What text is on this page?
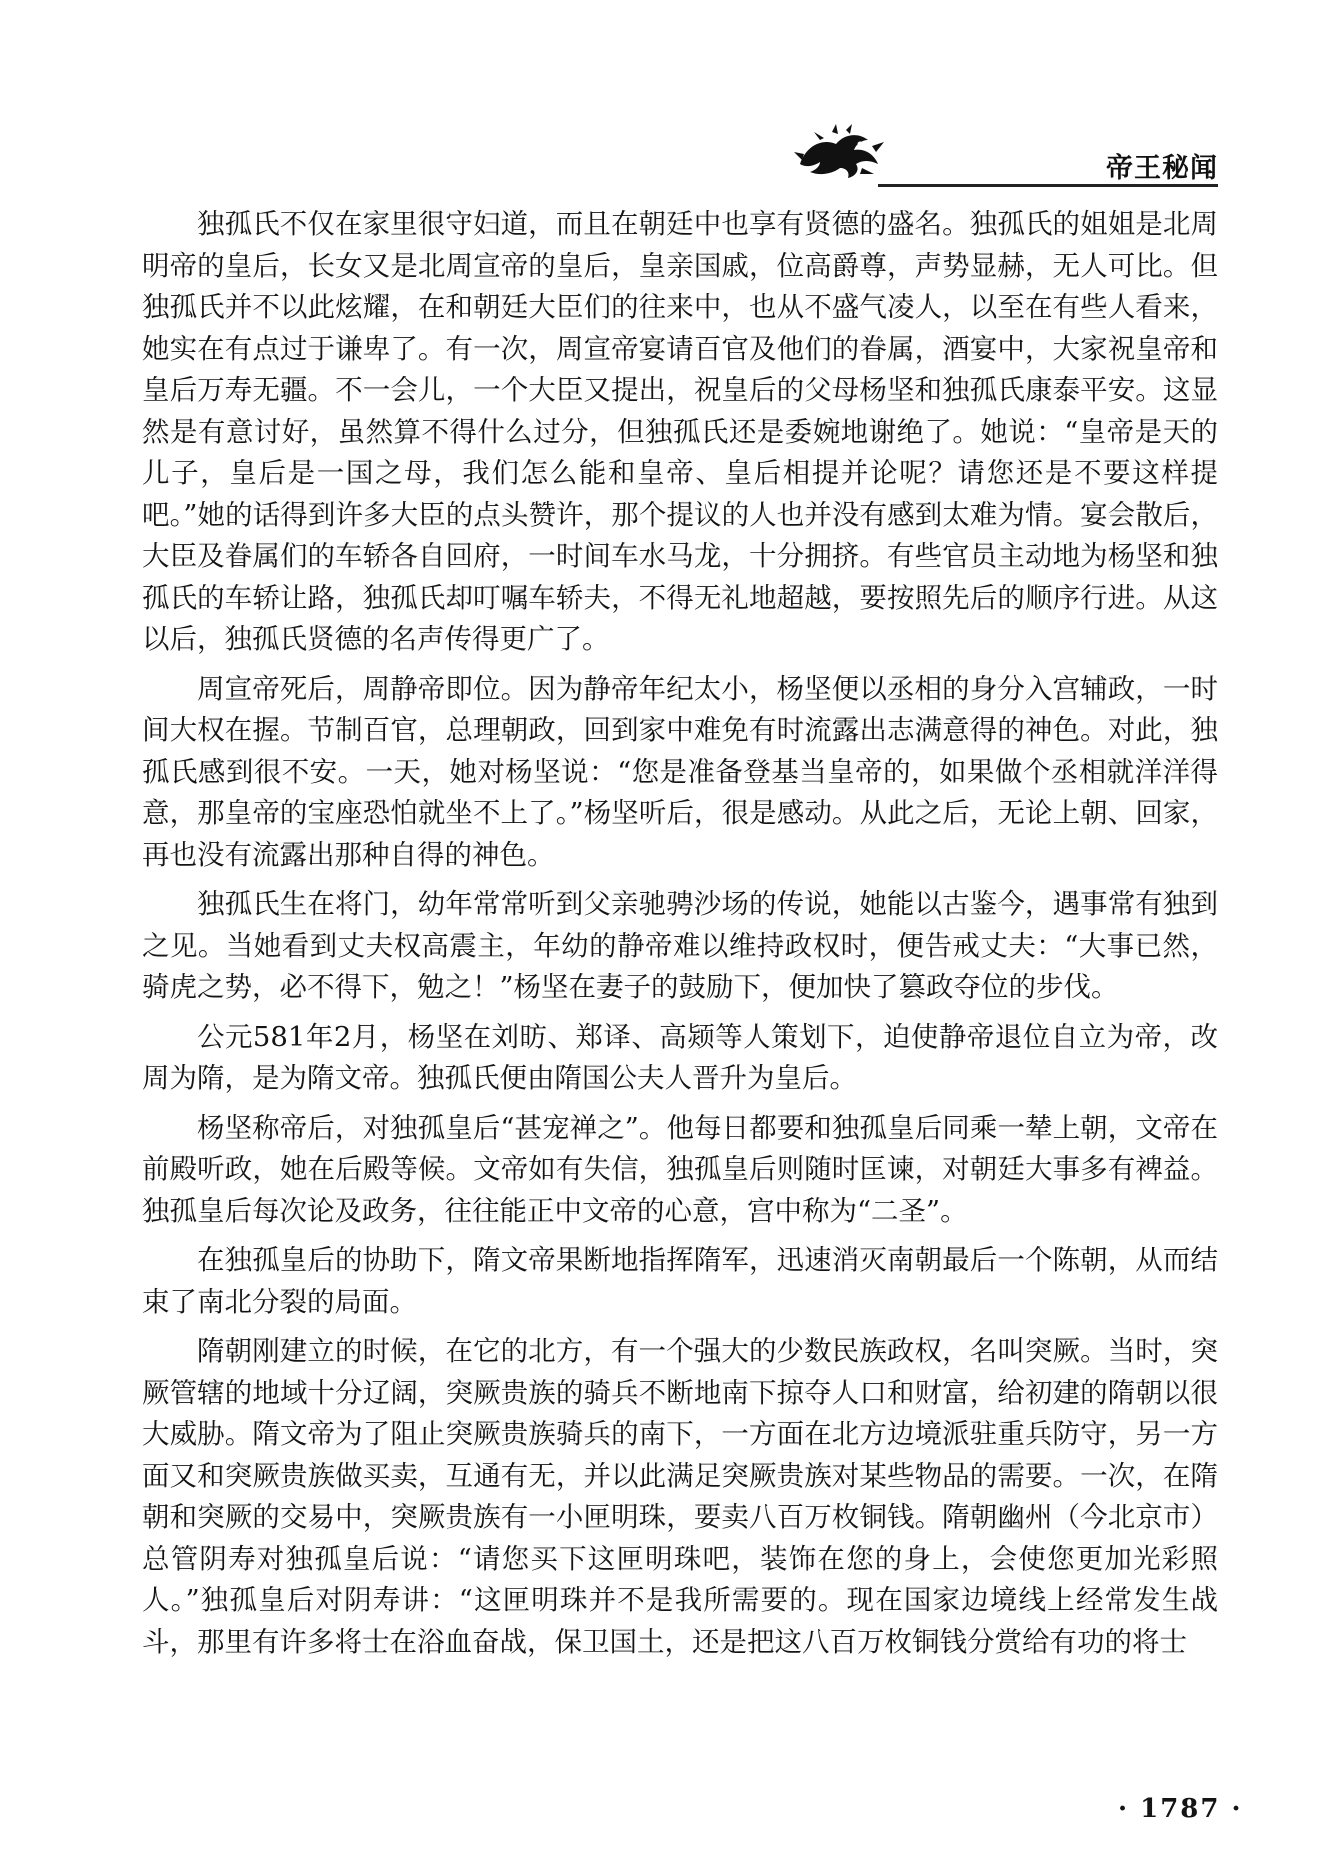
帝王秘闻

独孤氏不仅在家里很守妇道，而且在朝廷中也享有贤德的盛名。独孤氏的姐姐是北周明帝的皇后，长女又是北周宣帝的皇后，皇亲国戚，位高爵尊，声势显赫，无人可比。但独孤氏并不以此炫耀，在和朝廷大臣们的往来中，也从不盛气凌人，以至在有些人看来，她实在有点过于谦卑了。有一次，周宣帝宴请百官及他们的眷属，酒宴中，大家祝皇帝和皇后万寿无疆。不一会儿，一个大臣又提出，祝皇后的父母杨坚和独孤氏康泰平安。这显然是有意讨好，虽然算不得什么过分，但独孤氏还是委婉地谢绝了。她说：“皇帝是天的儿子，皇后是一国之母，我们怎么能和皇帝、皇后相提并论呢？请您还是不要这样提吧。”她的话得到许多大臣的点头赞许，那个提议的人也并没有感到太难为情。宴会散后，大臣及眷属们的车轿各自回府，一时间车水马龙，十分拥挤。有些官员主动地为杨坚和独孤氏的车轿让路，独孤氏却叮嘱车轿夫，不得无礼地超越，要按照先后的顺序行进。从这以后，独孤氏贤德的名声传得更广了。

周宣帝死后，周静帝即位。因为静帝年纪太小，杨坚便以丞相的身分入宫辅政，一时间大权在握。节制百官，总理朝政，回到家中难免有时流露出志满意得的神色。对此，独孤氏感到很不安。一天，她对杨坚说：“您是准备登基当皇帝的，如果做个丞相就洋洋得意，那皇帝的宝座恐怕就坐不上了。”杨坚听后，很是感动。从此之后，无论上朝、回家，再也没有流露出那种自得的神色。

独孤氏生在将门，幼年常常听到父亲驰骋沙场的传说，她能以古鉴今，遇事常有独到之见。当她看到丈夫权高震主，年幼的静帝难以维持政权时，便告戒丈夫：“大事已然，骑虎之势，必不得下，勉之！”杨坚在妻子的鼓励下，便加快了篡政夺位的步伐。

公元581年2月，杨坚在刘昉、郑译、高颎等人策划下，迫使静帝退位自立为帝，改周为隋，是为隋文帝。独孤氏便由隋国公夫人晋升为皇后。

杨坚称帝后，对独孤皇后“甚宠禅之”。他每日都要和独孤皇后同乘一辇上朝，文帝在前殿听政，她在后殿等候。文帝如有失信，独孤皇后则随时匡谏，对朝廷大事多有裨益。独孤皇后每次论及政务，往往能正中文帝的心意，宫中称为“二圣”。

在独孤皇后的协助下，隋文帝果断地指挥隋军，迅速消灭南朝最后一个陈朝，从而结束了南北分裂的局面。

隋朝刚建立的时候，在它的北方，有一个强大的少数民族政权，名叫突厥。当时，突厥管辖的地域十分辽阔，突厥贵族的骑兵不断地南下掠夺人口和财富，给初建的隋朝以很大威胁。隋文帝为了阻止突厥贵族骑兵的南下，一方面在北方边境派驻重兵防守，另一方面又和突厥贵族做买卖，互通有无，并以此满足突厥贵族对某些物品的需要。一次，在隋朝和突厥的交易中，突厥贵族有一小匣明珠，要卖八百万枚铜钱。隋朝幽州（今北京市）总管阴寿对独孤皇后说：“请您买下这匣明珠吧，装饰在您的身上，会使您更加光彩照人。”独孤皇后对阴寿讲：“这匣明珠并不是我所需要的。现在国家边境线上经常发生战斗，那里有许多将士在浴血奋战，保卫国土，还是把这八百万枚铜钱分赏给有功的将士

· 1787 ·
